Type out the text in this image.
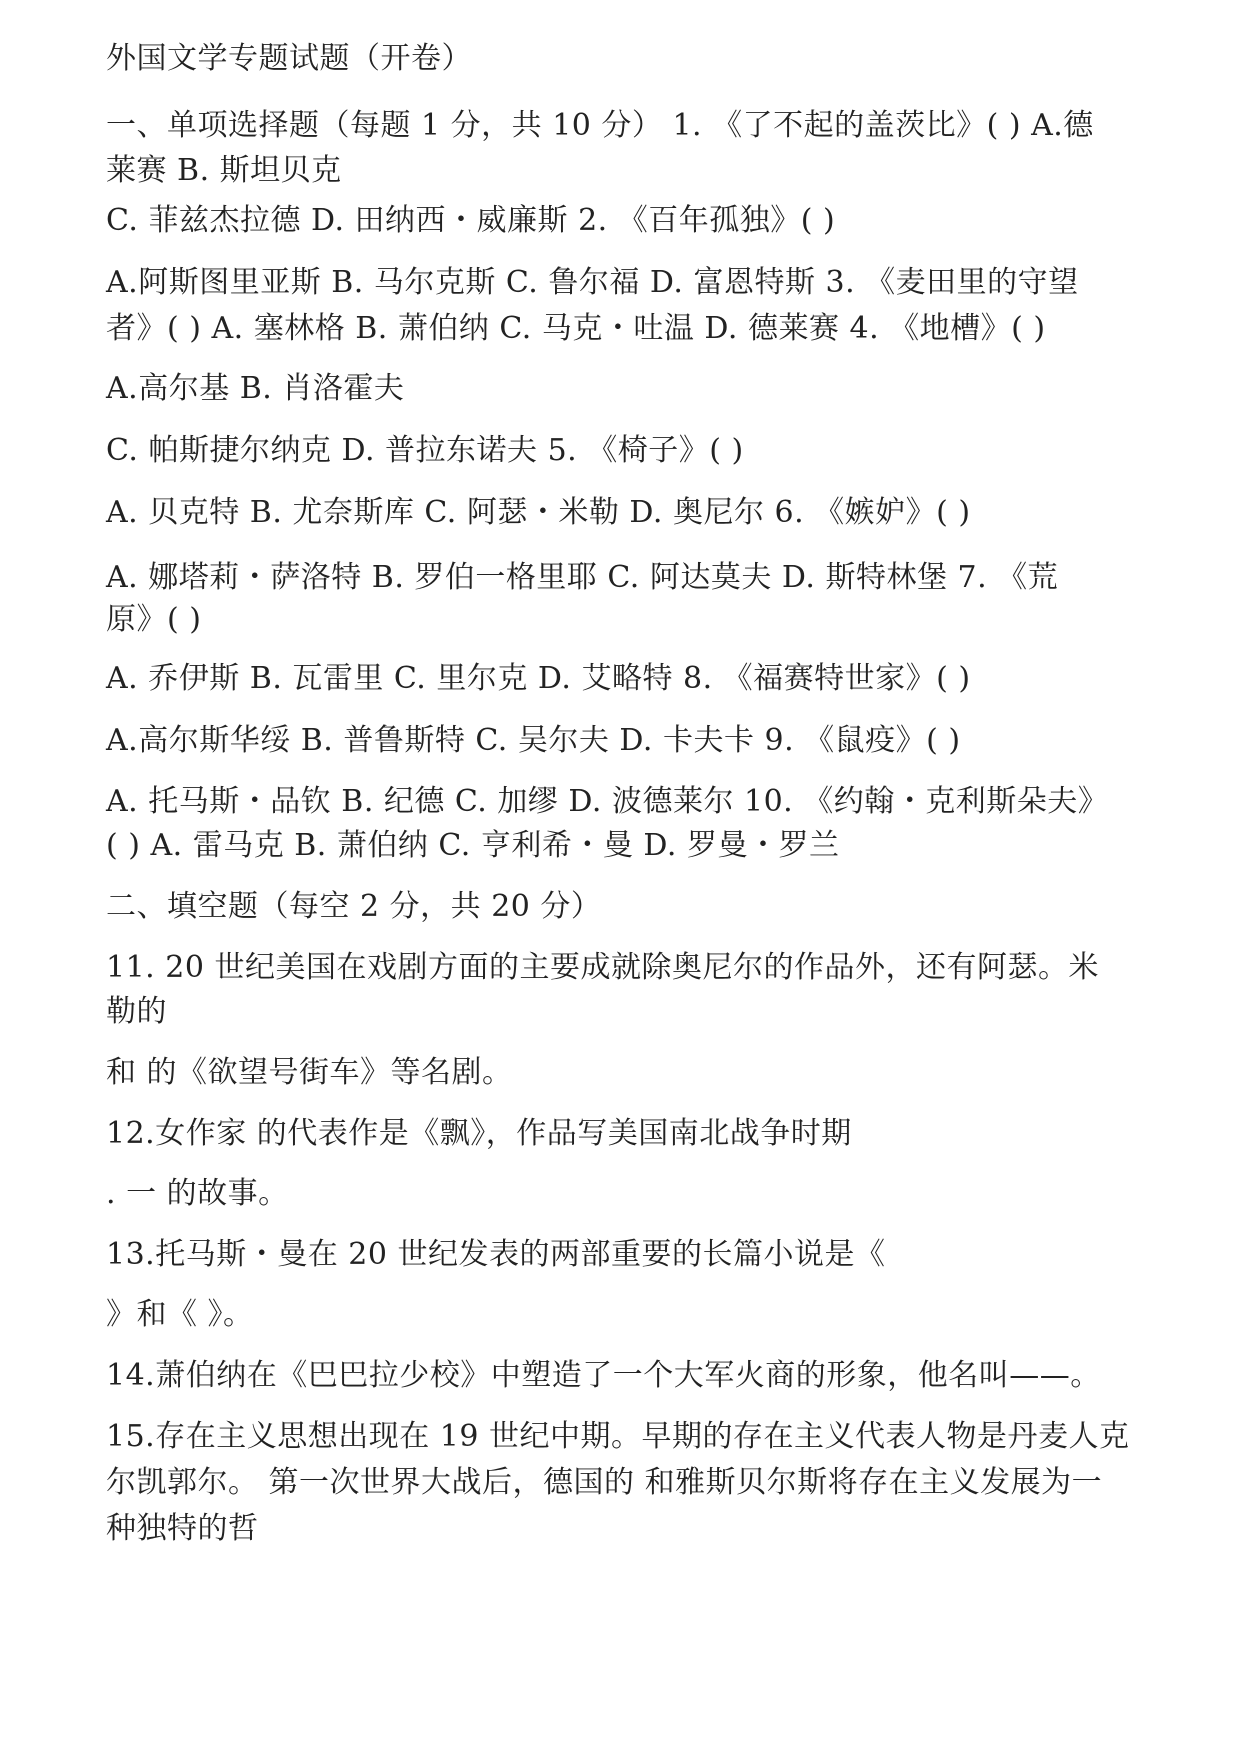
外国文学专题试题（开卷）
一、单项选择题（每题 1 分，共 10 分） 1. 《了不起的盖茨比》( ) A.德
莱赛 B. 斯坦贝克
C. 菲兹杰拉德 D. 田纳西・威廉斯 2. 《百年孤独》( )
A.阿斯图里亚斯 B. 马尔克斯 C. 鲁尔福 D. 富恩特斯 3. 《麦田里的守望
者》( ) A. 塞林格 B. 萧伯纳 C. 马克・吐温 D. 德莱赛 4. 《地槽》( )
A.高尔基 B. 肖洛霍夫
C. 帕斯捷尔纳克 D. 普拉东诺夫 5. 《椅子》( )
A. 贝克特 B. 尤奈斯库 C. 阿瑟・米勒 D. 奥尼尔 6. 《嫉妒》( )
A. 娜塔莉・萨洛特 B. 罗伯一格里耶 C. 阿达莫夫 D. 斯特林堡 7. 《荒
原》( )
A. 乔伊斯 B. 瓦雷里 C. 里尔克 D. 艾略特 8. 《福赛特世家》( )
A.高尔斯华绥 B. 普鲁斯特 C. 吴尔夫 D. 卡夫卡 9. 《鼠疫》( )
A. 托马斯・品钦 B. 纪德 C. 加缪 D. 波德莱尔 10. 《约翰・克利斯朵夫》
( ) A. 雷马克 B. 萧伯纳 C. 亨利希・曼 D. 罗曼・罗兰
二、填空题（每空 2 分，共 20 分）
11. 20 世纪美国在戏剧方面的主要成就除奥尼尔的作品外，还有阿瑟。米
勒的
和 的《欲望号街车》等名剧。
12.女作家 的代表作是《飘》，作品写美国南北战争时期
. 一 的故事。
13.托马斯・曼在 20 世纪发表的两部重要的长篇小说是《
》和《 》。
14.萧伯纳在《巴巴拉少校》中塑造了一个大军火商的形象，他名叫——。
15.存在主义思想出现在 19 世纪中期。早期的存在主义代表人物是丹麦人克
尔凯郭尔。 第一次世界大战后，德国的 和雅斯贝尔斯将存在主义发展为一
种独特的哲
